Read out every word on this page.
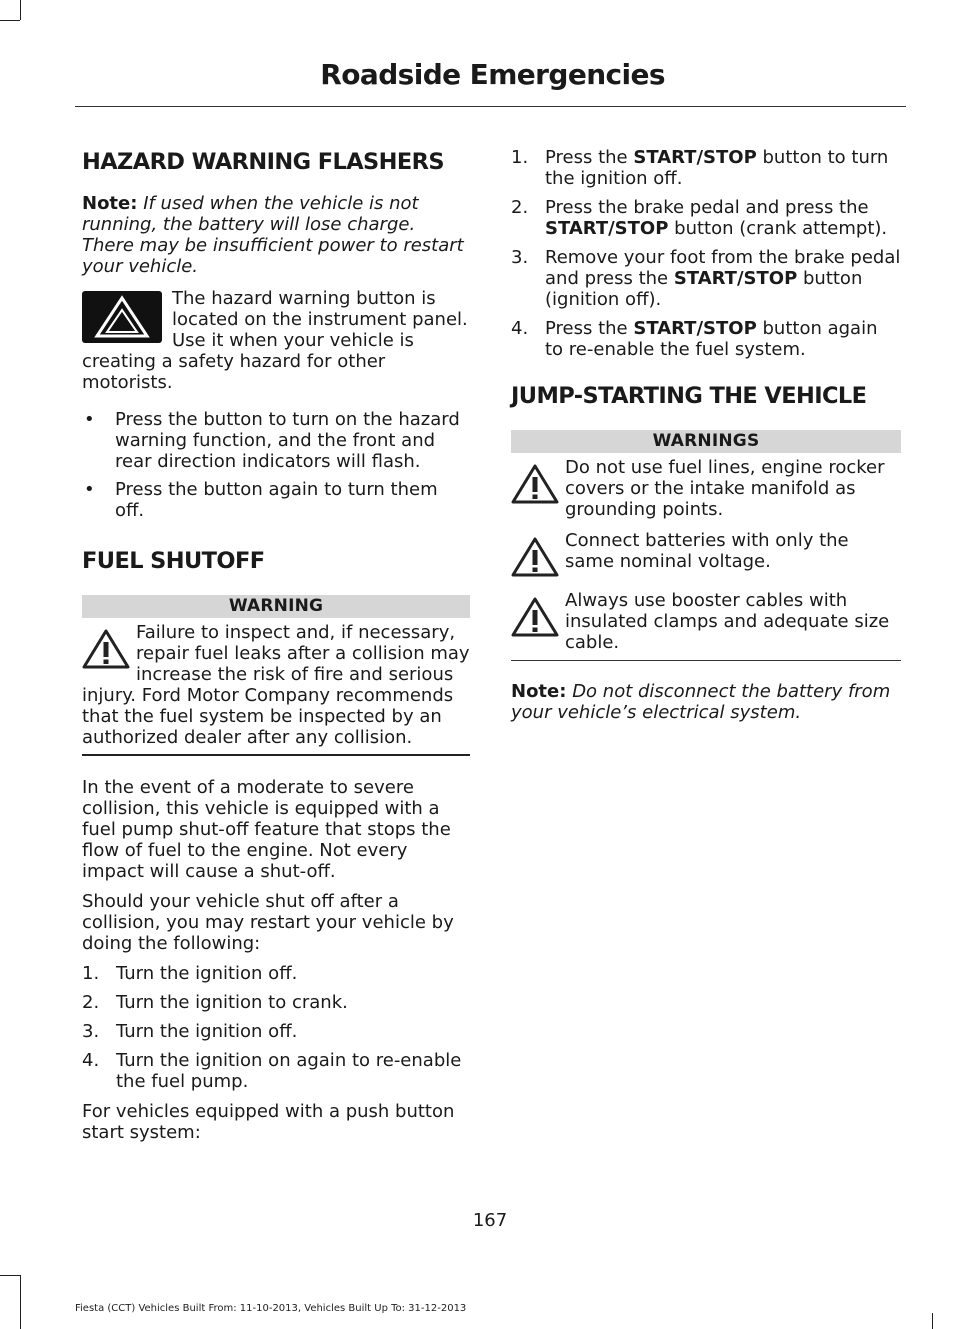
Roadside Emergencies
HAZARD WARNING FLASHERS

Note: If used when the vehicle is not running, the battery will lose charge. There may be insufficient power to restart your vehicle.

The hazard warning button is located on the instrument panel. Use it when your vehicle is creating a safety hazard for other motorists.

• Press the button to turn on the hazard warning function, and the front and rear direction indicators will flash.
• Press the button again to turn them off.
FUEL SHUTOFF
WARNING

Failure to inspect and, if necessary, repair fuel leaks after a collision may increase the risk of fire and serious injury. Ford Motor Company recommends that the fuel system be inspected by an authorized dealer after any collision.

In the event of a moderate to severe collision, this vehicle is equipped with a fuel pump shut-off feature that stops the flow of fuel to the engine. Not every impact will cause a shut-off.

Should your vehicle shut off after a collision, you may restart your vehicle by doing the following:

1. Turn the ignition off.
2. Turn the ignition to crank.
3. Turn the ignition off.
4. Turn the ignition on again to re-enable the fuel pump.

For vehicles equipped with a push button start system:

1. Press the START/STOP button to turn the ignition off.
2. Press the brake pedal and press the START/STOP button (crank attempt).
3. Remove your foot from the brake pedal and press the START/STOP button (ignition off).
4. Press the START/STOP button again to re-enable the fuel system.
JUMP-STARTING THE VEHICLE
WARNINGS

Do not use fuel lines, engine rocker covers or the intake manifold as grounding points.

Connect batteries with only the same nominal voltage.

Always use booster cables with insulated clamps and adequate size cable.

Note: Do not disconnect the battery from your vehicle’s electrical system.

167
Fiesta (CCT) Vehicles Built From: 11-10-2013, Vehicles Built Up To: 31-12-2013
